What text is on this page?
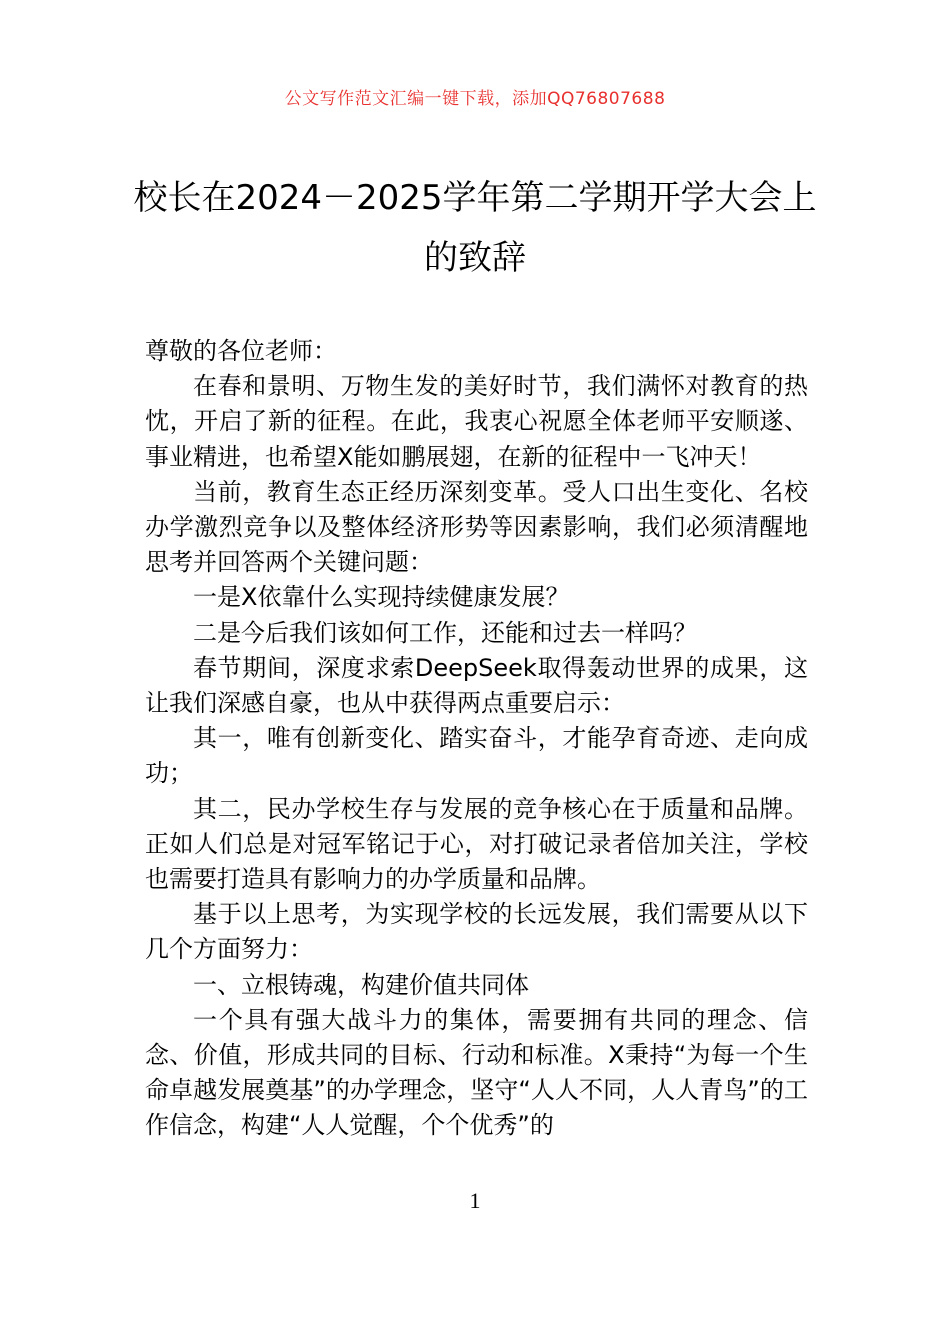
公文写作范文汇编一键下载，添加QQ76807688
校长在2024－2025学年第二学期开学大会上的致辞

尊敬的各位老师：

在春和景明、万物生发的美好时节，我们满怀对教育的热忱，开启了新的征程。在此，我衷心祝愿全体老师平安顺遂、事业精进，也希望X能如鹏展翅，在新的征程中一飞冲天！

当前，教育生态正经历深刻变革。受人口出生变化、名校办学激烈竞争以及整体经济形势等因素影响，我们必须清醒地思考并回答两个关键问题：

一是X依靠什么实现持续健康发展？

二是今后我们该如何工作，还能和过去一样吗？

春节期间，深度求索DeepSeek取得轰动世界的成果，这让我们深感自豪，也从中获得两点重要启示：

其一，唯有创新变化、踏实奋斗，才能孕育奇迹、走向成功；

其二，民办学校生存与发展的竞争核心在于质量和品牌。正如人们总是对冠军铭记于心，对打破记录者倍加关注，学校也需要打造具有影响力的办学质量和品牌。

基于以上思考，为实现学校的长远发展，我们需要从以下几个方面努力：

一、立根铸魂，构建价值共同体

一个具有强大战斗力的集体，需要拥有共同的理念、信念、价值，形成共同的目标、行动和标准。X秉持“为每一个生命卓越发展奠基”的办学理念，坚守“人人不同，人人青鸟”的工作信念，构建“人人觉醒，个个优秀”的

1
